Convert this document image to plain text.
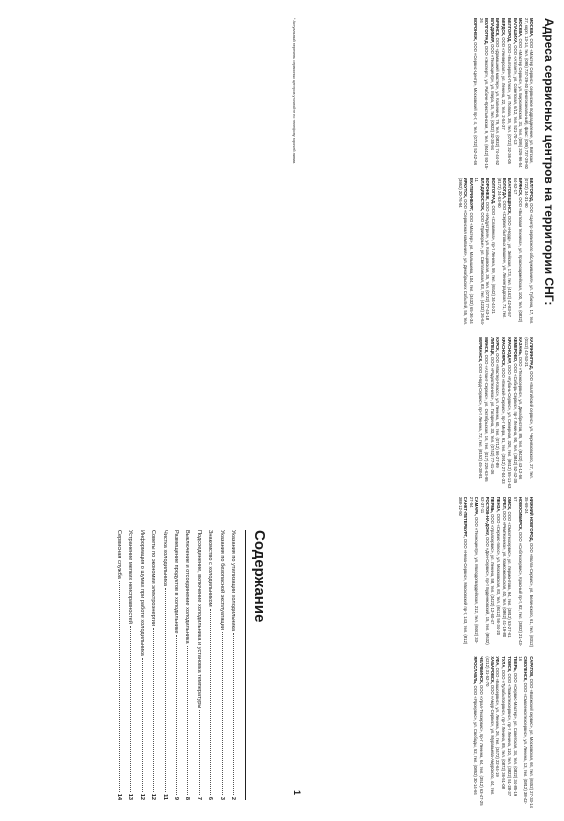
Адреса сервисных центров на территории СНГ:
МОСКВА, ООО «Мастер Сервис», сервисное подразделение, ул. Вятская, 27, корп. 13-14, тел. (095) 737-29-40 (многоканальный), факс: (095) 737-29-60
МОСКВА, ООО «Мастер Сервис», ул. Бирюлевская, 31, тел. (095) 326-96-54
БАЛАШИХА, ООО «Атлант», ул. Советская, 6/12, тел. 521-70-13
БЕЛГОРОД, ООО «Бытсервис-Плюс», ул. Попова, 35, тел. (0722) 32-36-05
БЕРДСК, ООО «Универсал», ул. Ленина, 22, тел. 2-54-37
БРЯНСК, ООО «Домашний мастер», ул. Калинина, 79, тел. (0832) 74-44-52
ВЛАДИМИР, ООО «Техноцентр», ул. Мира, 15, тел. (0922) 32-35-94
ВОЛГОГРАД, ООО «Эксперт», ул. Рабоче-Крестьянская, 9, тел. (8442) 93-15-26
ВОРОНЕЖ, ООО «Сервис-Центр», Московский пр-т, 4, тел. (0732) 52-42-66
БЕЛГОРОД, ООО «Центр сервисного обслуживания», ул. Губкина, 17, тел. (0722) 34-31-90
БРЯНСК, ООО «Бытовая техника», ул. Красноармейская, 100, тел. (0832) 64-52-17
БЛАГОВЕЩЕНСК, ООО «Норд», ул. Зейская, 173, тел. (4162) 42-83-57
ВОЛОГДА, ООО «Сервис-бытовых машин», ул. Ленинградская, 71, тел. (8172) 24-53-90
ВОЛГОГРАД, ООО «Славянка», пр-т Ленина, 59, тел. (8442) 34-44-21
ВОРОНЕЖ, ООО «Индустрия», ул. Кольцовская, 35, тел. (0732) 77-43-18
ВЛАДИВОСТОК, ООО «Приморье», ул. Светланская, 83, тел. (4232) 26-64-11
ЕКАТЕРИНБУРГ, ООО «Мастер», ул. Малышева, 104, тел. (3432) 65-36-34
ИРКУТСК, ООО «Сервисная компания», ул. Декабрьских Событий, 55, тел. (3952) 20-76-94
КАЛИНИНГРАД, ООО «Балтийский сервис», ул. Черняховского, 27, тел. (0112) 43-53-21
КАЗАНЬ, ООО «Техносервис», ул. Декабристов, 85, тел. (8432) 43-12-56
КЕМЕРОВО, ООО «Сибирь-Сервис», пр-т Ленина, 90, тел. (3842) 52-42-35
КРАСНОДАР, ООО «Кубань-Сервис», ул. Северная, 326, тел. (8612) 55-11-63
КРАСНОЯРСК, ООО «Енисей-Сервис», пр-т Мира, 91, тел. (3912) 27-04-33
КУРСК, ООО «Мастер-Класс», ул. Ленина, 60, тел. (0712) 56-27-89
ЛИПЕЦК, ООО «Радиотехника», ул. Гагарина, 33, тел. (0742) 77-41-36
МИНСК, ООО «Атлант-Сервис», ул. Октябрьская, 16, тел. (017) 226-63-95
МУРМАНСК, ООО «Норд-Сервис», пр-т Ленина, 72, тел. (8152) 45-28-81
НИЖНИЙ НОВГОРОД, ООО «Волга-Сервис», ул. Белинского, 61, тел. (8312) 35-69-24
НОВОСИБИРСК, ООО «Сибтехсервис», Красный пр-т, 82, тел. (3832) 21-43-57
ОМСК, ООО «Омсктехсервис», ул. Лермонтова, 94, тел. (3812) 53-27-61
ОРЕЛ, ООО «Ремтехника», ул. Комсомольская, 40, тел. (0862) 41-19-80
ПЕНЗА, ООО «Сервис-плюс», ул. Московская, 83, тел. (8412) 56-34-20
ПЕРМЬ, ООО «Уралсервис», ул. Ленина, 58, тел. (3422) 12-60-47
РОСТОВ-НА-ДОНУ, ООО «Дон-Сервис», пр-т Буденновский, 15, тел. (8632) 62-37-11
САМАРА, ООО «Техноцентр», ул. Молодогвардейская, 212, тел. (8462) 33-27-54
САНКТ-ПЕТЕРБУРГ, ООО «Нева-Сервис», Московский пр-т, 143, тел. (812) 388-12-50
САРАТОВ, ООО «Волжский сервис», ул. Московская, 66, тел. (8452) 27-33-14
СМОЛЕНСК, ООО «Смоленсктехсервис», ул. Ленина, 13, тел. (0812) 38-42-16
ТВЕРЬ, ООО «Сервис-Мастер», ул. Советская, 34, тел. (0822) 34-85-19
ТОМСК, ООО «Томсктехсервис», пр-т Ленина, 110, тел. (3822) 51-28-37
ТУЛА, ООО «Тулабытсервис», пр-т Ленина, 85, тел. (0872) 36-51-08
УФА, ООО «Башсервис», ул. Ленина, 26, тел. (3472) 22-64-19
ХАБАРОВСК, ООО «Амур-Сервис», ул. Муравьева-Амурского, 44, тел. (4212) 31-52-70
ЧЕЛЯБИНСК, ООО «Урал-Техсервис», пр-т Ленина, 64, тел. (3512) 63-47-25
ЯРОСЛАВЛЬ, ООО «Ярсервис», ул. Свободы, 52, тел. (0852) 30-14-66
* Актуальный перечень сервисных центров уточняйте по телефону горячей линии.
1
Содержание
Указания по утилизации холодильника
2
Указания по безопасной эксплуатации
3
Знакомство с холодильником
6
Подсоединение, включение холодильника и установка температуры
7
Выключение и отсоединение холодильника
8
Размещение продуктов в холодильнике
9
Чистка холодильника
11
Советы по экономии электроэнергии
12
Информация о шумах при работе холодильника
12
Устранение мелких неисправностей
13
Сервисная служба
14
